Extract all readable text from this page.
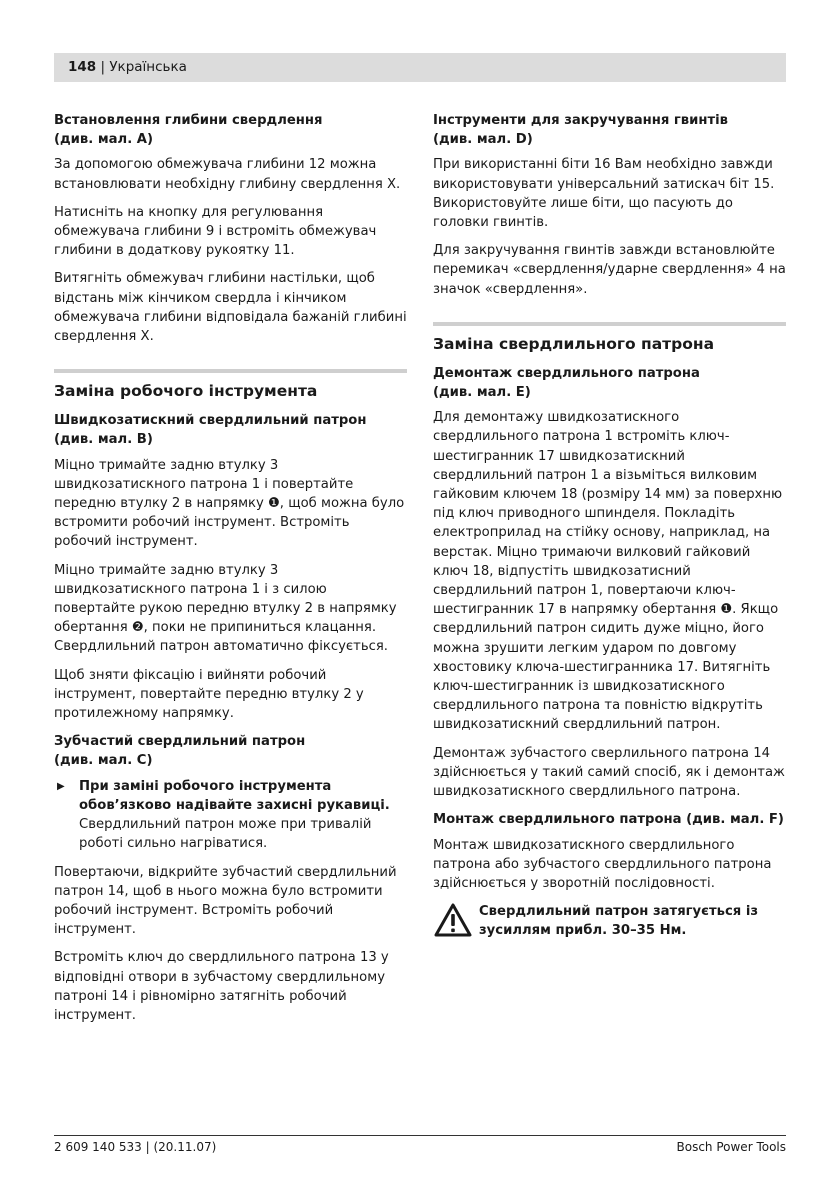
148 | Українська
Встановлення глибини свердлення
(див. мал. A)

За допомогою обмежувача глибини 12 можна встановлювати необхідну глибину свердлення X.

Натисніть на кнопку для регулювання обмежувача глибини 9 і встроміть обмежувач глибини в додаткову рукоятку 11.

Витягніть обмежувач глибини настільки, щоб відстань між кінчиком свердла і кінчиком обмежувача глибини відповідала бажаній глибині свердлення X.

Заміна робочого інструмента
Швидкозатискний свердлильний патрон
(див. мал. B)

Міцно тримайте задню втулку 3 швидкозатискного патрона 1 і повертайте передню втулку 2 в напрямку ❶, щоб можна було встромити робочий інструмент. Встроміть робочий інструмент.

Міцно тримайте задню втулку 3 швидкозатискного патрона 1 і з силою повертайте рукою передню втулку 2 в напрямку обертання ❷, поки не припиниться клацання. Свердлильний патрон автоматично фіксується.

Щоб зняти фіксацію і вийняти робочий інструмент, повертайте передню втулку 2 у протилежному напрямку.

Зубчастий свердлильний патрон
(див. мал. C)
▶	При заміні робочого інструмента обов’язково надівайте захисні рукавиці.
Свердлильний патрон може при тривалій роботі сильно нагріватися.

Повертаючи, відкрийте зубчастий свердлильний патрон 14, щоб в нього можна було встромити робочий інструмент. Встроміть робочий інструмент.

Встроміть ключ до свердлильного патрона 13 у відповідні отвори в зубчастому свердлильному патроні 14 і рівномірно затягніть робочий інструмент.

Інструменти для закручування гвинтів
(див. мал. D)

При використанні біти 16 Вам необхідно завжди використовувати універсальний затискач біт 15. Використовуйте лише біти, що пасують до головки гвинтів.

Для закручування гвинтів завжди встановлюйте перемикач «свердлення/ударне свердлення» 4 на значок «свердлення».

Заміна свердлильного патрона
Демонтаж свердлильного патрона
(див. мал. E)

Для демонтажу швидкозатискного свердлильного патрона 1 встроміть ключ-шестигранник 17 швидкозатискний свердлильний патрон 1 а візьміться вилковим гайковим ключем 18 (розміру 14 мм) за поверхню під ключ приводного шпинделя. Покладіть електроприлад на стійку основу, наприклад, на верстак. Міцно тримаючи вилковий гайковий ключ 18, відпустіть швидкозатисний свердлильний патрон 1, повертаючи ключ-шестигранник 17 в напрямку обертання ❶. Якщо свердлильний патрон сидить дуже міцно, його можна зрушити легким ударом по довгому хвостовику ключа-шестигранника 17. Витягніть ключ-шестигранник із швидкозатискного свердлильного патрона та повністю відкрутіть швидкозатискний свердлильний патрон.

Демонтаж зубчастого сверлильного патрона 14 здійснюється у такий самий спосіб, як і демонтаж швидкозатискного свердлильного патрона.

Монтаж свердлильного патрона (див. мал. F)

Монтаж швидкозатискного свердлильного патрона або зубчастого свердлильного патрона здійснюється у зворотній послідовності.

Свердлильний патрон затягується із зусиллям прибл. 30–35 Нм.
2 609 140 533 | (20.11.07)	Bosch Power Tools
